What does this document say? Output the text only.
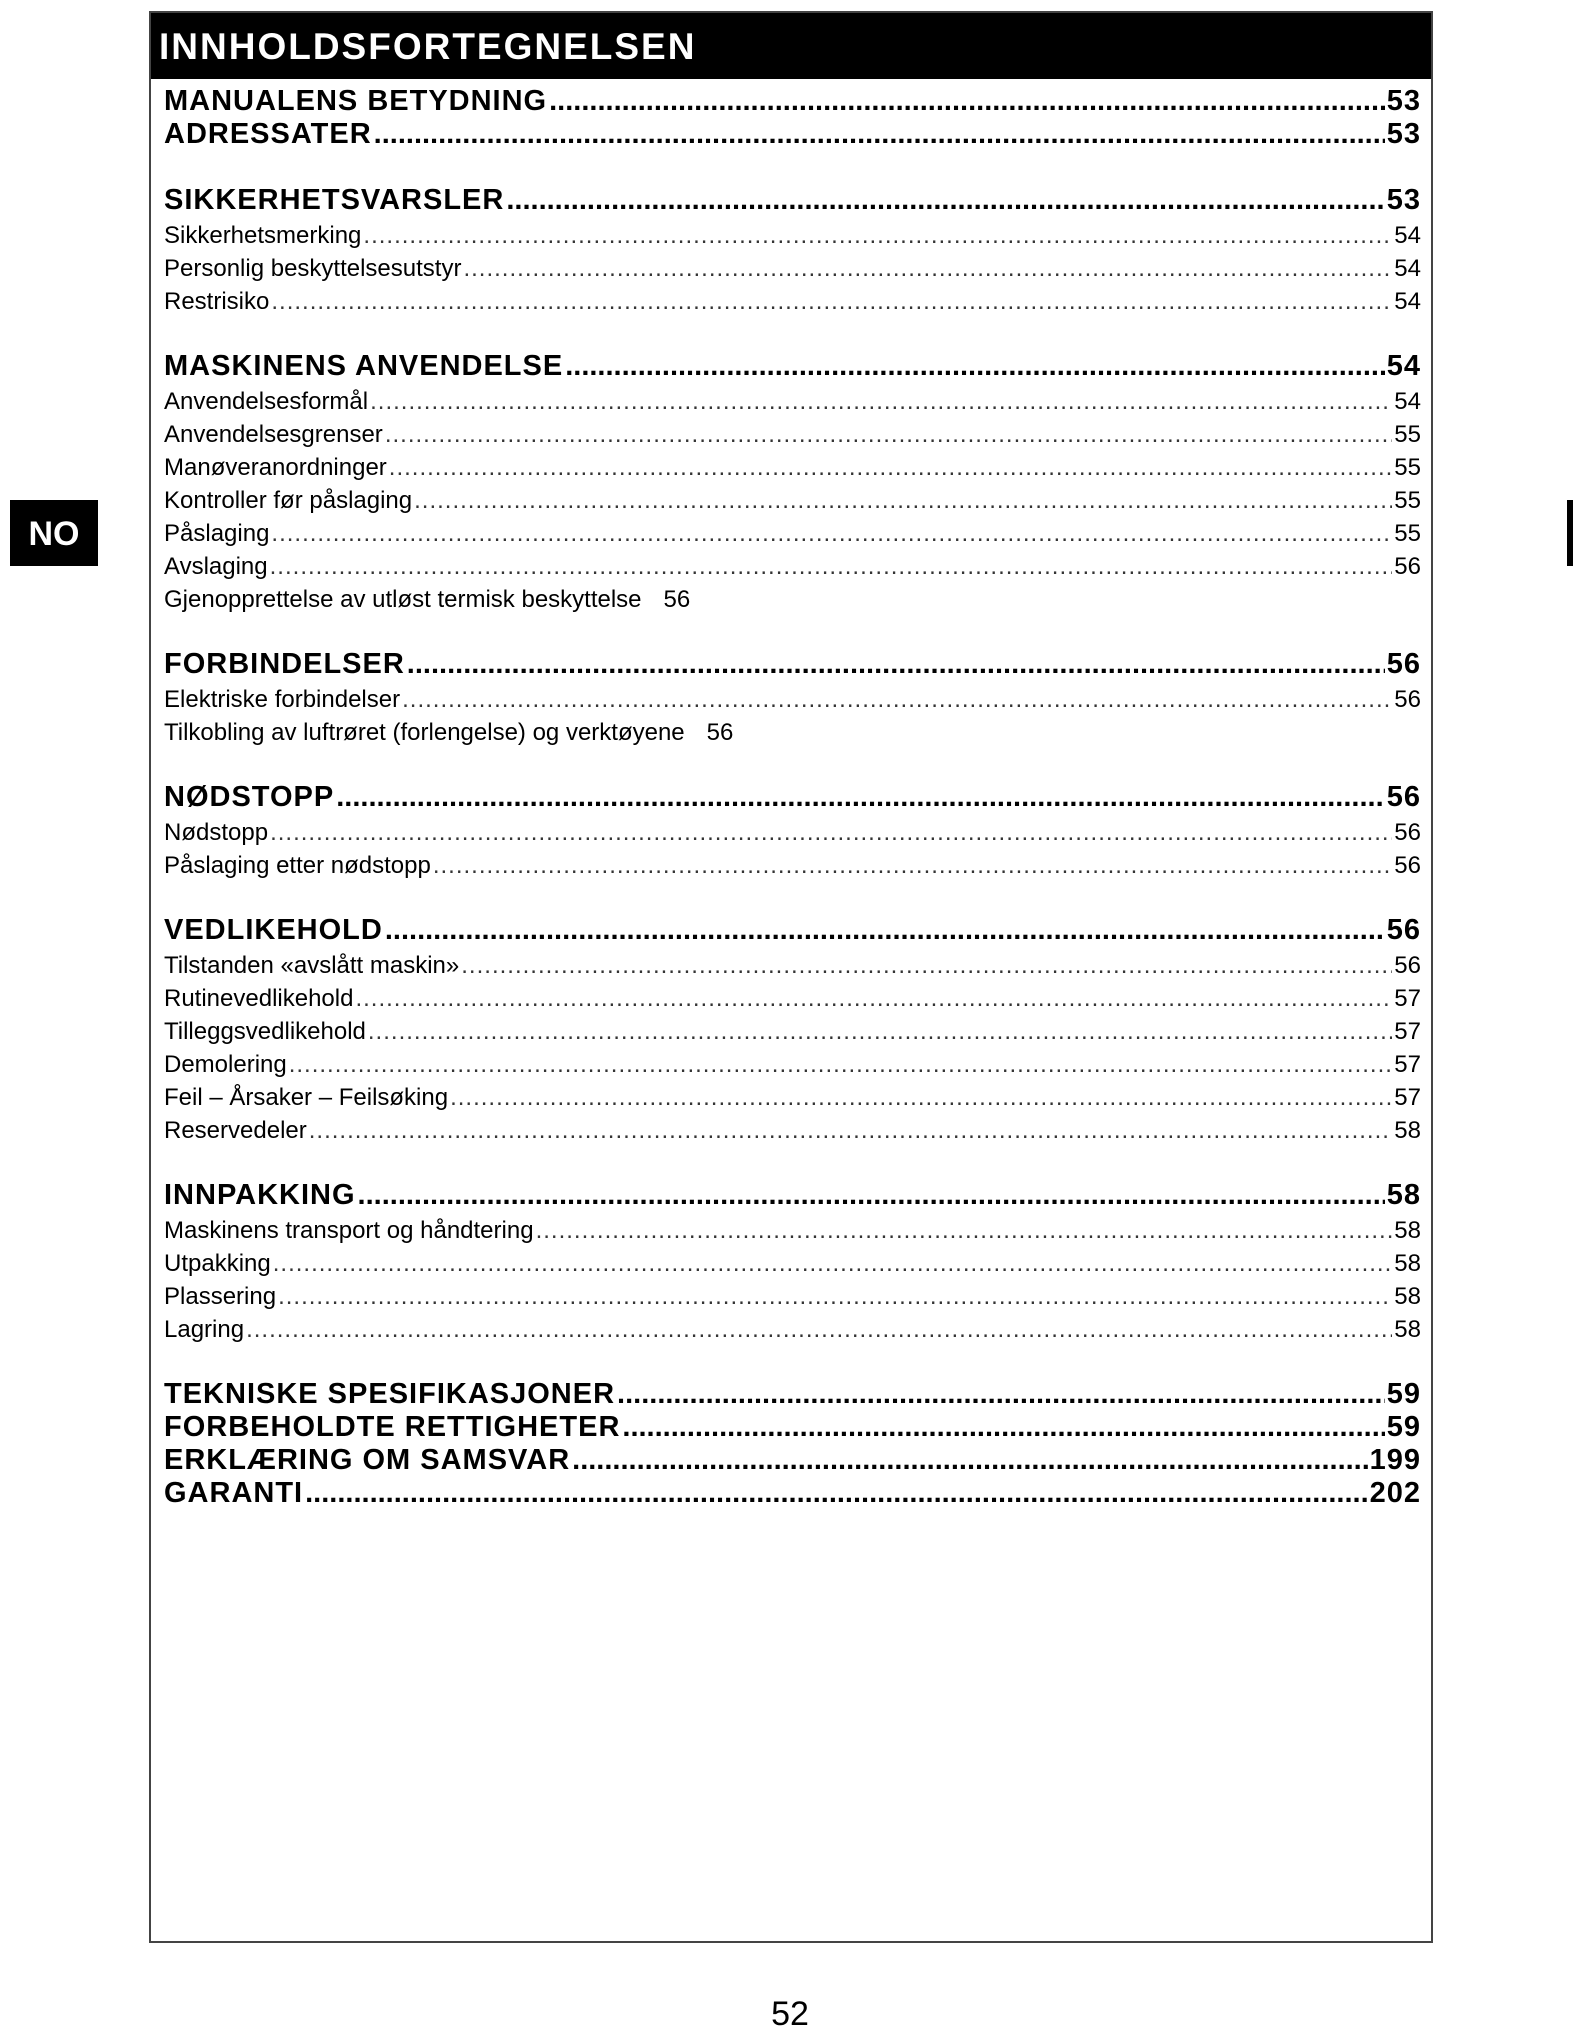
NO
INNHOLDSFORTEGNELSEN
MANUALENS BETYDNING .....	53
ADRESSATER .....	53
SIKKERHETSVARSLER .....	53
Sikkerhetsmerking .....	54
Personlig beskyttelsesutstyr .....	54
Restrisiko .....	54
MASKINENS ANVENDELSE .....	54
Anvendelsesformål .....	54
Anvendelsesgrenser .....	55
Manøveranordninger .....	55
Kontroller før påslaging .....	55
Påslaging .....	55
Avslaging .....	56
Gjenopprettelse av utløst termisk beskyttelse 56
FORBINDELSER .....	56
Elektriske forbindelser .....	56
Tilkobling av luftrøret (forlengelse) og verktøyene 56
NØDSTOPP .....	56
Nødstopp .....	56
Påslaging etter nødstopp .....	56
VEDLIKEHOLD .....	56
Tilstanden «avslått maskin» .....	56
Rutinevedlikehold .....	57
Tilleggsvedlikehold .....	57
Demolering .....	57
Feil – Årsaker – Feilsøking .....	57
Reservedeler .....	58
INNPAKKING .....	58
Maskinens transport og håndtering .....	58
Utpakking .....	58
Plassering .....	58
Lagring .....	58
TEKNISKE SPESIFIKASJONER .....	59
FORBEHOLDTE RETTIGHETER .....	59
ERKLÆRING OM SAMSVAR .....	199
GARANTI .....	202
52
